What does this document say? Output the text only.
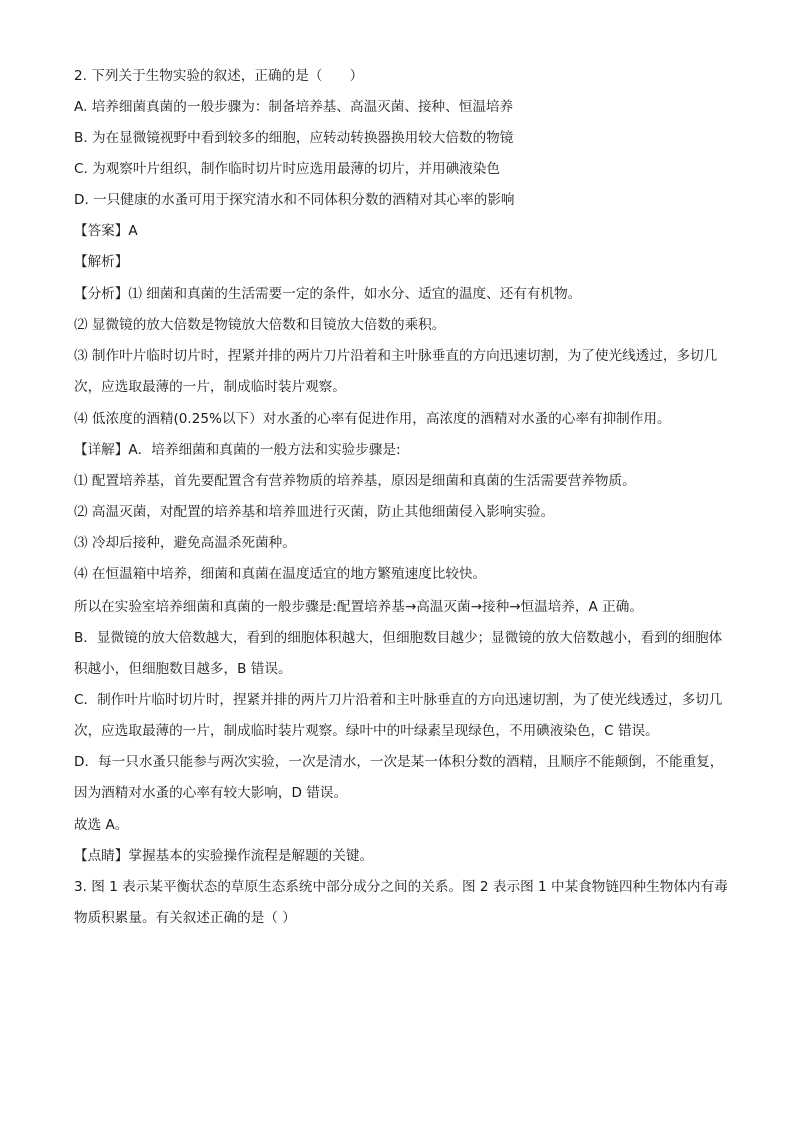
2. 下列关于生物实验的叙述，正确的是（　　）
A. 培养细菌真菌的一般步骤为：制备培养基、高温灭菌、接种、恒温培养
B. 为在显微镜视野中看到较多的细胞，应转动转换器换用较大倍数的物镜
C. 为观察叶片组织，制作临时切片时应选用最薄的切片，并用碘液染色
D. 一只健康的水蚤可用于探究清水和不同体积分数的酒精对其心率的影响
【答案】A
【解析】
【分析】⑴ 细菌和真菌的生活需要一定的条件，如水分、适宜的温度、还有有机物。
⑵ 显微镜的放大倍数是物镜放大倍数和目镜放大倍数的乘积。
⑶ 制作叶片临时切片时，捏紧并排的两片刀片沿着和主叶脉垂直的方向迅速切割，为了使光线透过，多切几次，应选取最薄的一片，制成临时装片观察。
⑷ 低浓度的酒精(0.25%以下）对水蚤的心率有促进作用，高浓度的酒精对水蚤的心率有抑制作用。
【详解】A．培养细菌和真菌的一般方法和实验步骤是:
⑴ 配置培养基，首先要配置含有营养物质的培养基，原因是细菌和真菌的生活需要营养物质。
⑵ 高温灭菌，对配置的培养基和培养皿进行灭菌，防止其他细菌侵入影响实验。
⑶ 冷却后接种，避免高温杀死菌种。
⑷ 在恒温箱中培养，细菌和真菌在温度适宜的地方繁殖速度比较快。
所以在实验室培养细菌和真菌的一般步骤是:配置培养基→高温灭菌→接种→恒温培养，A 正确。
B．显微镜的放大倍数越大，看到的细胞体积越大，但细胞数目越少；显微镜的放大倍数越小，看到的细胞体积越小，但细胞数目越多，B 错误。
C．制作叶片临时切片时，捏紧并排的两片刀片沿着和主叶脉垂直的方向迅速切割，为了使光线透过，多切几次，应选取最薄的一片，制成临时装片观察。绿叶中的叶绿素呈现绿色，不用碘液染色，C 错误。
D．每一只水蚤只能参与两次实验，一次是清水，一次是某一体积分数的酒精，且顺序不能颠倒，不能重复，因为酒精对水蚤的心率有较大影响，D 错误。
故选 A。
【点睛】掌握基本的实验操作流程是解题的关键。
3. 图 1 表示某平衡状态的草原生态系统中部分成分之间的关系。图 2 表示图 1 中某食物链四种生物体内有毒物质积累量。有关叙述正确的是（ ）
